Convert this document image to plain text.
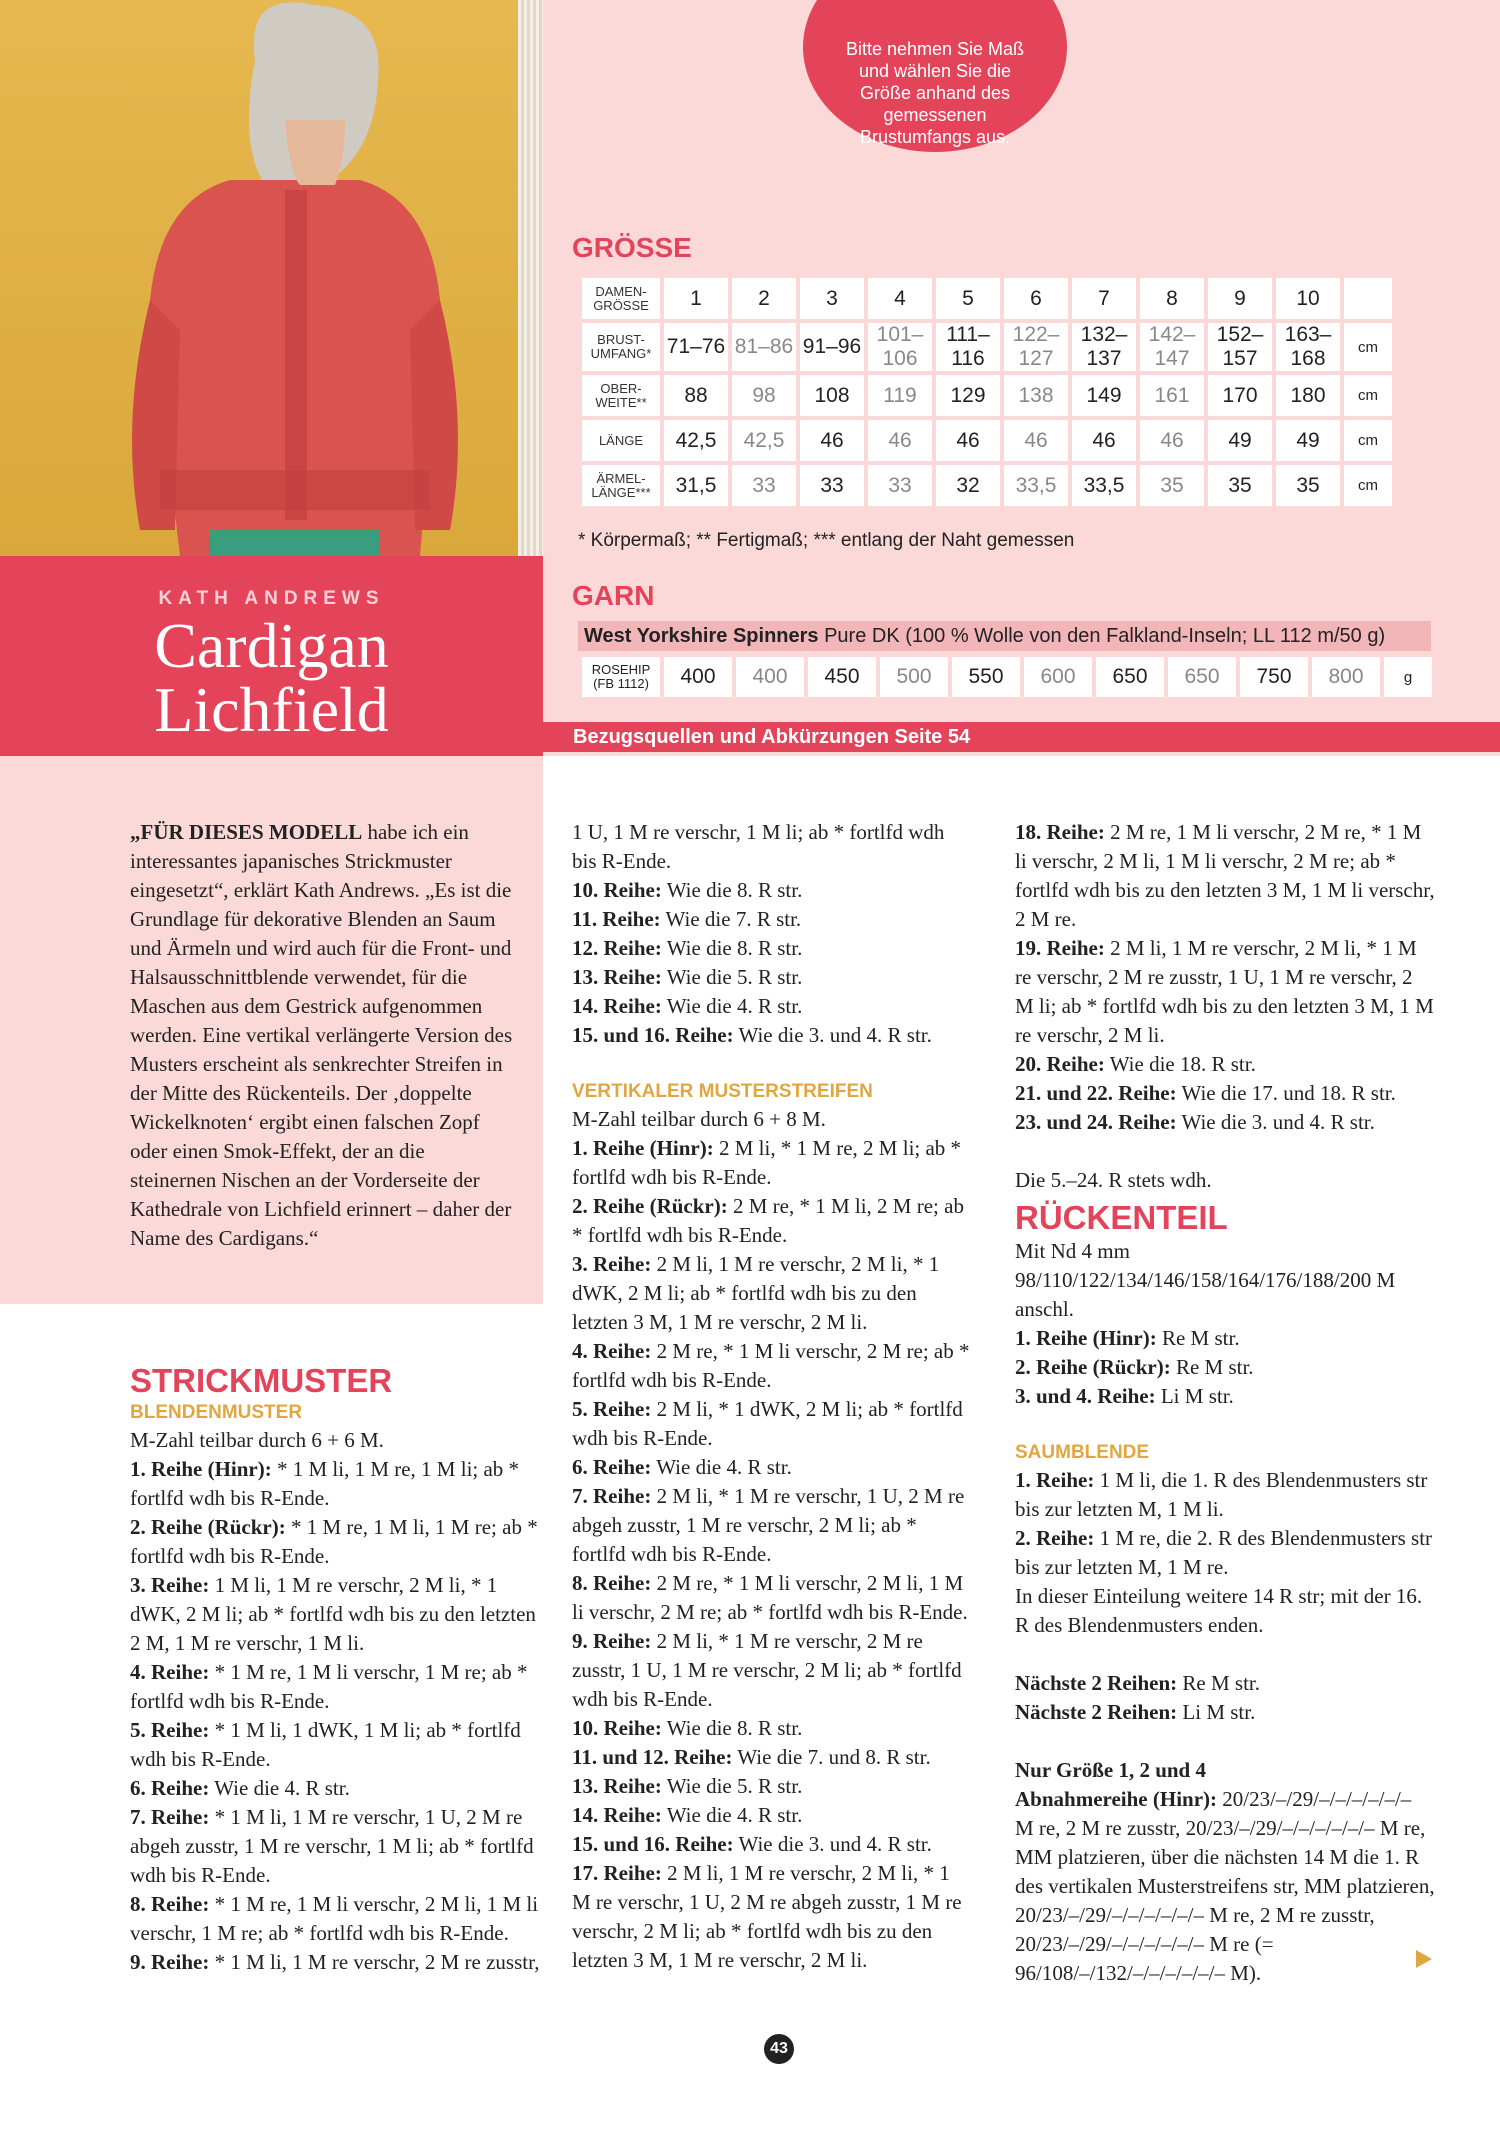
KATH ANDREWS
Cardigan
Lichfield
Bitte nehmen Sie Maß und wählen Sie die Größe anhand des gemessenen Brustumfangs aus.
GRÖSSE
DAMEN-GRÖSSE	1	2	3	4	5	6	7	8	9	10	
BRUST-UMFANG*	71–76	81–86	91–96	101–106	111–116	122–127	132–137	142–147	152–157	163–168	cm
OBER-WEITE**	88	98	108	119	129	138	149	161	170	180	cm
LÄNGE	42,5	42,5	46	46	46	46	46	46	49	49	cm
ÄRMEL-LÄNGE***	31,5	33	33	33	32	33,5	33,5	35	35	35	cm
* Körpermaß; ** Fertigmaß; *** entlang der Naht gemessen
GARN
West Yorkshire Spinners Pure DK (100 % Wolle von den Falkland-Inseln; LL 112 m/50 g)
ROSEHIP (FB 1112)	400	400	450	500	550	600	650	650	750	800	g
Bezugsquellen und Abkürzungen Seite 54

„FÜR DIESES MODELL habe ich ein interessantes japanisches Strickmuster eingesetzt“, erklärt Kath Andrews. „Es ist die Grundlage für dekorative Blenden an Saum und Ärmeln und wird auch für die Front- und Halsausschnittblende verwendet, für die Maschen aus dem Gestrick aufgenommen werden. Eine vertikal verlängerte Version des Musters erscheint als senkrechter Streifen in der Mitte des Rückenteils. Der ‚doppelte Wickelknoten‘ ergibt einen falschen Zopf oder einen Smok-Effekt, der an die steinernen Nischen an der Vorderseite der Kathedrale von Lichfield erinnert – daher der Name des Cardigans.“

STRICKMUSTER

BLENDENMUSTER

M-Zahl teilbar durch 6 + 6 M.

1. Reihe (Hinr): * 1 M li, 1 M re, 1 M li; ab * fortlfd wdh bis R-Ende.

2. Reihe (Rückr): * 1 M re, 1 M li, 1 M re; ab * fortlfd wdh bis R-Ende.

3. Reihe: 1 M li, 1 M re verschr, 2 M li, * 1 dWK, 2 M li; ab * fortlfd wdh bis zu den letzten 2 M, 1 M re verschr, 1 M li.

4. Reihe: * 1 M re, 1 M li verschr, 1 M re; ab * fortlfd wdh bis R-Ende.

5. Reihe: * 1 M li, 1 dWK, 1 M li; ab * fortlfd wdh bis R-Ende.

6. Reihe: Wie die 4. R str.

7. Reihe: * 1 M li, 1 M re verschr, 1 U, 2 M re abgeh zusstr, 1 M re verschr, 1 M li; ab * fortlfd wdh bis R-Ende.

8. Reihe: * 1 M re, 1 M li verschr, 2 M li, 1 M li verschr, 1 M re; ab * fortlfd wdh bis R-Ende.

9. Reihe: * 1 M li, 1 M re verschr, 2 M re zusstr,

1 U, 1 M re verschr, 1 M li; ab * fortlfd wdh bis R-Ende.

10. Reihe: Wie die 8. R str.

11. Reihe: Wie die 7. R str.

12. Reihe: Wie die 8. R str.

13. Reihe: Wie die 5. R str.

14. Reihe: Wie die 4. R str.

15. und 16. Reihe: Wie die 3. und 4. R str.

VERTIKALER MUSTERSTREIFEN

M-Zahl teilbar durch 6 + 8 M.

1. Reihe (Hinr): 2 M li, * 1 M re, 2 M li; ab * fortlfd wdh bis R-Ende.

2. Reihe (Rückr): 2 M re, * 1 M li, 2 M re; ab * fortlfd wdh bis R-Ende.

3. Reihe: 2 M li, 1 M re verschr, 2 M li, * 1 dWK, 2 M li; ab * fortlfd wdh bis zu den letzten 3 M, 1 M re verschr, 2 M li.

4. Reihe: 2 M re, * 1 M li verschr, 2 M re; ab * fortlfd wdh bis R-Ende.

5. Reihe: 2 M li, * 1 dWK, 2 M li; ab * fortlfd wdh bis R-Ende.

6. Reihe: Wie die 4. R str.

7. Reihe: 2 M li, * 1 M re verschr, 1 U, 2 M re abgeh zusstr, 1 M re verschr, 2 M li; ab * fortlfd wdh bis R-Ende.

8. Reihe: 2 M re, * 1 M li verschr, 2 M li, 1 M li verschr, 2 M re; ab * fortlfd wdh bis R-Ende.

9. Reihe: 2 M li, * 1 M re verschr, 2 M re zusstr, 1 U, 1 M re verschr, 2 M li; ab * fortlfd wdh bis R-Ende.

10. Reihe: Wie die 8. R str.

11. und 12. Reihe: Wie die 7. und 8. R str.

13. Reihe: Wie die 5. R str.

14. Reihe: Wie die 4. R str.

15. und 16. Reihe: Wie die 3. und 4. R str.

17. Reihe: 2 M li, 1 M re verschr, 2 M li, * 1 M re verschr, 1 U, 2 M re abgeh zusstr, 1 M re verschr, 2 M li; ab * fortlfd wdh bis zu den letzten 3 M, 1 M re verschr, 2 M li.

18. Reihe: 2 M re, 1 M li verschr, 2 M re, * 1 M li verschr, 2 M li, 1 M li verschr, 2 M re; ab * fortlfd wdh bis zu den letzten 3 M, 1 M li verschr, 2 M re.

19. Reihe: 2 M li, 1 M re verschr, 2 M li, * 1 M re verschr, 2 M re zusstr, 1 U, 1 M re verschr, 2 M li; ab * fortlfd wdh bis zu den letzten 3 M, 1 M re verschr, 2 M li.

20. Reihe: Wie die 18. R str.

21. und 22. Reihe: Wie die 17. und 18. R str.

23. und 24. Reihe: Wie die 3. und 4. R str.

Die 5.–24. R stets wdh.

RÜCKENTEIL

Mit Nd 4 mm 98/110/122/134/146/158/164/176/188/200 M anschl.

1. Reihe (Hinr): Re M str.

2. Reihe (Rückr): Re M str.

3. und 4. Reihe: Li M str.

SAUMBLENDE

1. Reihe: 1 M li, die 1. R des Blendenmusters str bis zur letzten M, 1 M li.

2. Reihe: 1 M re, die 2. R des Blendenmusters str bis zur letzten M, 1 M re.

In dieser Einteilung weitere 14 R str; mit der 16. R des Blendenmusters enden.

Nächste 2 Reihen: Re M str.

Nächste 2 Reihen: Li M str.

Nur Größe 1, 2 und 4

Abnahmereihe (Hinr): 20/23/–/29/–/–/–/–/–/– M re, 2 M re zusstr, 20/23/–/29/–/–/–/–/–/– M re, MM platzieren, über die nächsten 14 M die 1. R des vertikalen Musterstreifens str, MM platzieren, 20/23/–/29/–/–/–/–/–/– M re, 2 M re zusstr, 20/23/–/29/–/–/–/–/–/– M re (= 96/108/–/132/–/–/–/–/–/– M).

43
